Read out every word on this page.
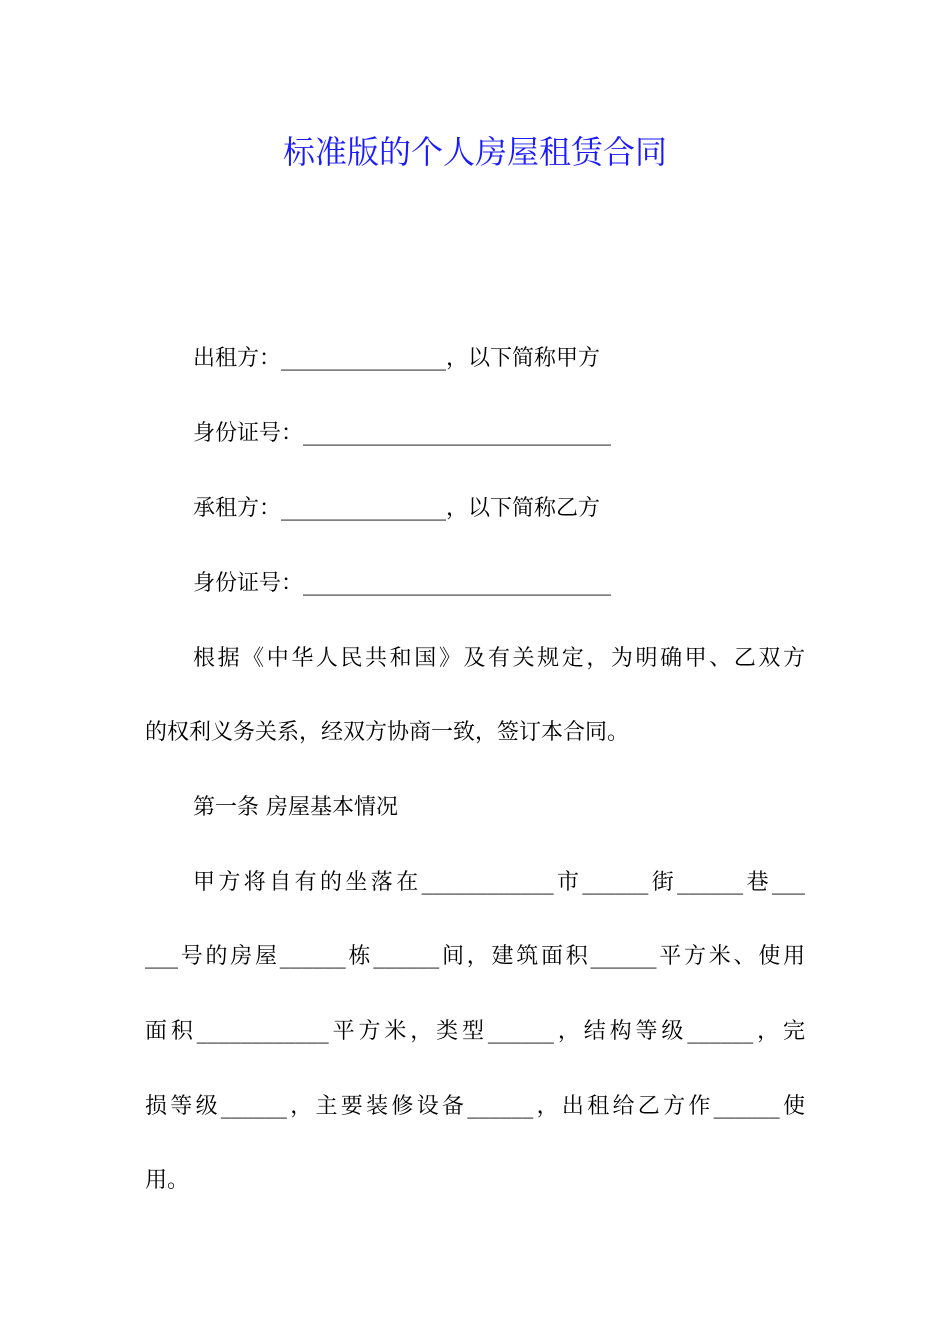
标准版的个人房屋租赁合同
出租方：_______________，以下简称甲方
身份证号：____________________________
承租方：_______________，以下简称乙方
身份证号：____________________________
根据《中华人民共和国》及有关规定，为明确甲、乙双方
的权利义务关系，经双方协商一致，签订本合同。
第一条 房屋基本情况
甲方将自有的坐落在____________市______街______巷___
___号的房屋______栋______间，建筑面积______平方米、使用
面积____________平方米，类型______，结构等级______，完
损等级______，主要装修设备______，出租给乙方作______使
用。
